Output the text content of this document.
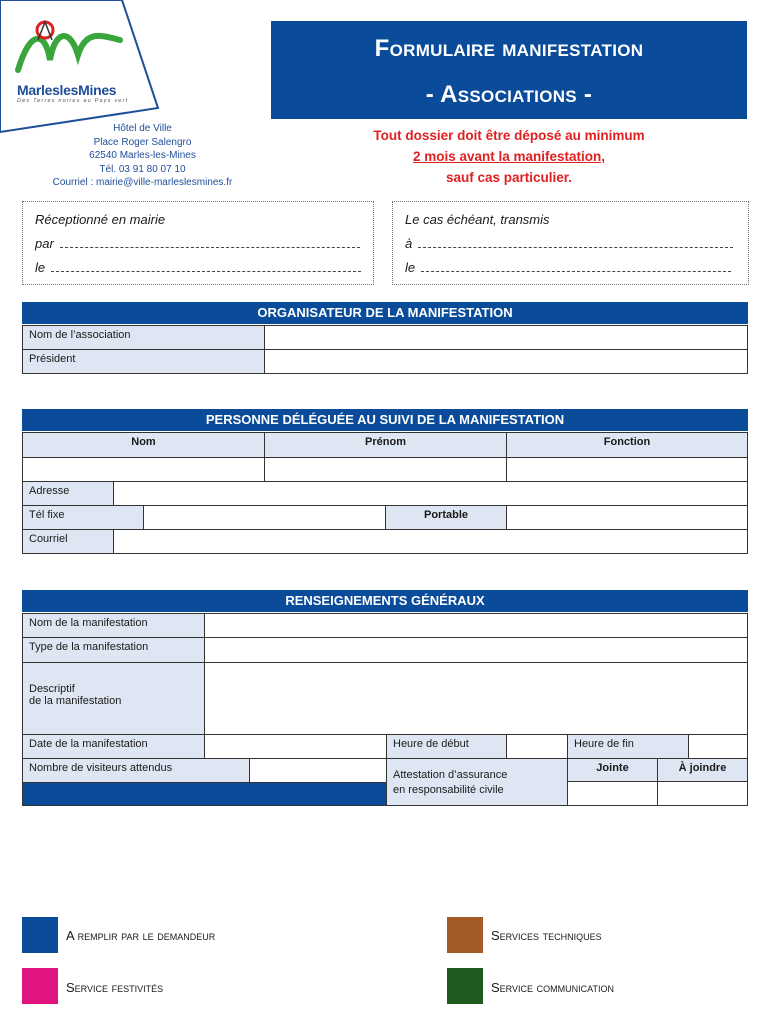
MarleslesMines
Des Terres noires au Pays vert
Hôtel de Ville
Place Roger Salengro
62540 Marles-les-Mines
Tél. 03 91 80 07 10
Courriel : mairie@ville-marleslesmines.fr
Formulaire manifestation
- Associations -
Tout dossier doit être déposé au minimum
2 mois avant la manifestation,
sauf cas particulier.
Réceptionné en mairie
par
le
Le cas échéant, transmis
à
le
ORGANISATEUR DE LA MANIFESTATION
Nom de l’association
Président
PERSONNE DÉLÉGUÉE AU SUIVI DE LA MANIFESTATION
Nom	Prénom	Fonction
Adresse
Tél fixe	Portable
Courriel
RENSEIGNEMENTS GÉNÉRAUX
Nom de la manifestation
Type de la manifestation
Descriptif
de la manifestation
Date de la manifestation	Heure de début	Heure de fin
Nombre de visiteurs attendus
Attestation d’assurance
en responsabilité civile
Jointe	À joindre
A remplir par le demandeur	Services techniques
Service festivités	Service communication
